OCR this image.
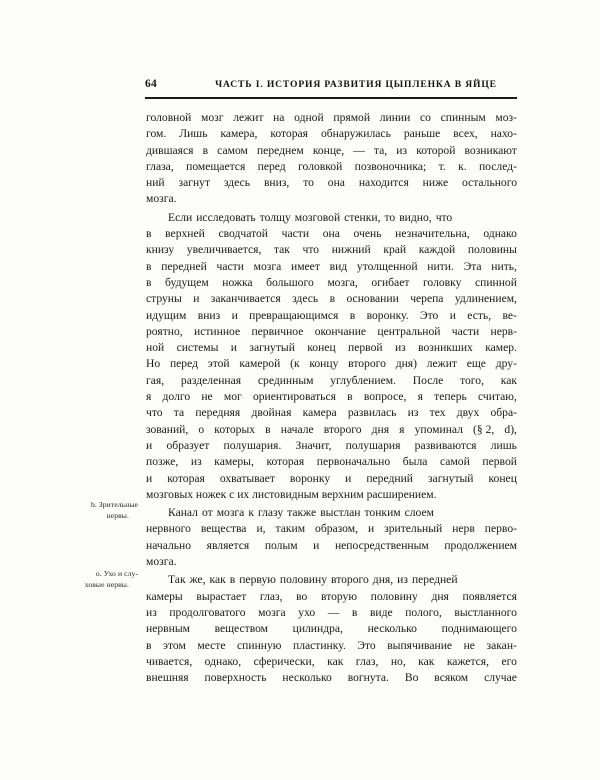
64	ЧАСТЬ I. ИСТОРИЯ РАЗВИТИЯ ЦЫПЛЕНКА В ЯЙЦЕ

головной мозг лежит на одной прямой линии со спинным моз-
гом. Лишь камера, которая обнаружилась раньше всех, нахо-
дившаяся в самом переднем конце, — та, из которой возникают
глаза, помещается перед головкой позвоночника; т. к. послед-
ний загнут здесь вниз, то она находится ниже остального
мозга.

Если исследовать толщу мозговой стенки, то видно, что
в верхней сводчатой части она очень незначительна, однако
книзу увеличивается, так что нижний край каждой половины
в передней части мозга имеет вид утолщенной нити. Эта нить,
в будущем ножка большого мозга, огибает головку спинной
струны и заканчивается здесь в основании черепа удлинением,
идущим вниз и превращающимся в воронку. Это и есть, ве-
роятно, истинное первичное окончание центральной части нерв-
ной системы и загнутый конец первой из возникших камер.
Но перед этой камерой (к концу второго дня) лежит еще дру-
гая, разделенная срединным углублением. После того, как
я долго не мог ориентироваться в вопросе, я теперь считаю,
что та передняя двойная камера развилась из тех двух обра-
зований, о которых в начале второго дня я упоминал (§ 2, d),
и образует полушария. Значит, полушария развиваются лишь
позже, из камеры, которая первоначально была самой первой
и которая охватывает воронку и передний загнутый конец
мозговых ножек с их листовидным верхним расширением.

Канал от мозга к глазу также выстлан тонким слоем
нервного вещества и, таким образом, и зрительный нерв перво-
начально является полым и непосредственным продолжением
мозга.

Так же, как в первую половину второго дня, из передней
камеры вырастает глаз, во вторую половину дня появляется
из продолговатого мозга ухо — в виде полого, выстланного
нервным веществом цилиндра, несколько поднимающего
в этом месте спинную пластинку. Это выпячивание не закан-
чивается, однако, сферически, как глаз, но, как кажется, его
внешняя поверхность несколько вогнута. Во всяком случае

b. Зрительные
нервы.
о. Ухо и слу-
ховые нервы.
